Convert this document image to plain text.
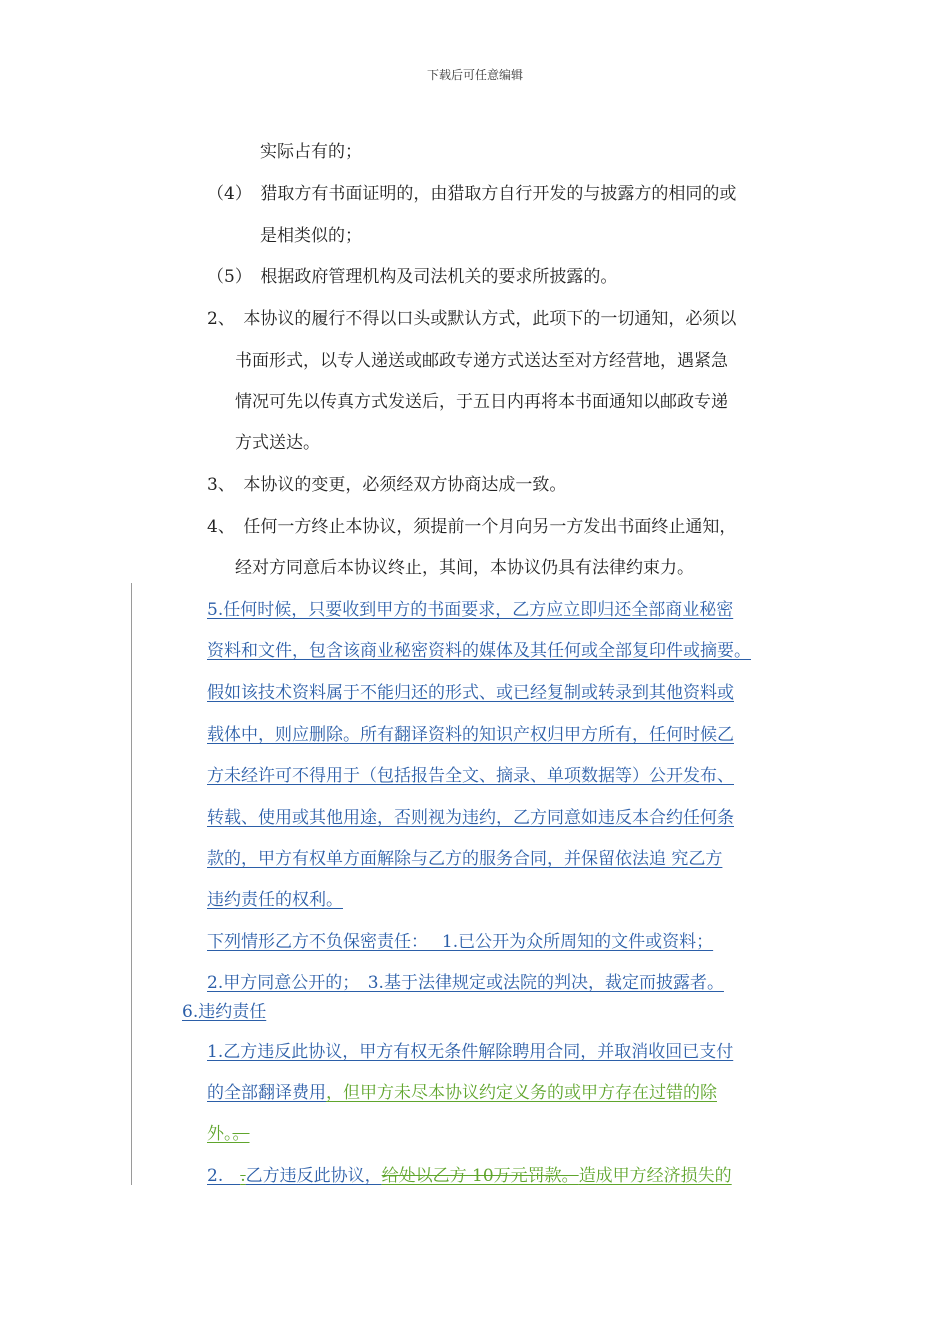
下载后可任意编辑
实际占有的；
（4）　猎取方有书面证明的，由猎取方自行开发的与披露方的相同的或
是相类似的；
（5）　根据政府管理机构及司法机关的要求所披露的。
2、　本协议的履行不得以口头或默认方式，此项下的一切通知，必须以
书面形式，以专人递送或邮政专递方式送达至对方经营地，遇紧急
情况可先以传真方式发送后，于五日内再将本书面通知以邮政专递
方式送达。
3、　本协议的变更，必须经双方协商达成一致。
4、　任何一方终止本协议，须提前一个月向另一方发出书面终止通知，
经对方同意后本协议终止，其间，本协议仍具有法律约束力。
5.任何时候，只要收到甲方的书面要求，乙方应立即归还全部商业秘密
资料和文件，包含该商业秘密资料的媒体及其任何或全部复印件或摘要。
假如该技术资料属于不能归还的形式、或已经复制或转录到其他资料或
载体中，则应删除。所有翻译资料的知识产权归甲方所有，任何时候乙
方未经许可不得用于（包括报告全文、摘录、单项数据等）公开发布、
转载、使用或其他用途，否则视为违约，乙方同意如违反本合约任何条
款的，甲方有权单方面解除与乙方的服务合同，并保留依法追 究乙方
违约责任的权利。
下列情形乙方不负保密责任：　 1.已公开为众所周知的文件或资料；
2.甲方同意公开的；　3.基于法律规定或法院的判决，裁定而披露者。
6.违约责任
1.乙方违反此协议，甲方有权无条件解除聘用合同，并取消收回已支付
的全部翻译费用，但甲方未尽本协议约定义务的或甲方存在过错的除
外。。
2.　.乙方违反此协议，给处以乙方 10万元罚款。造成甲方经济损失的
